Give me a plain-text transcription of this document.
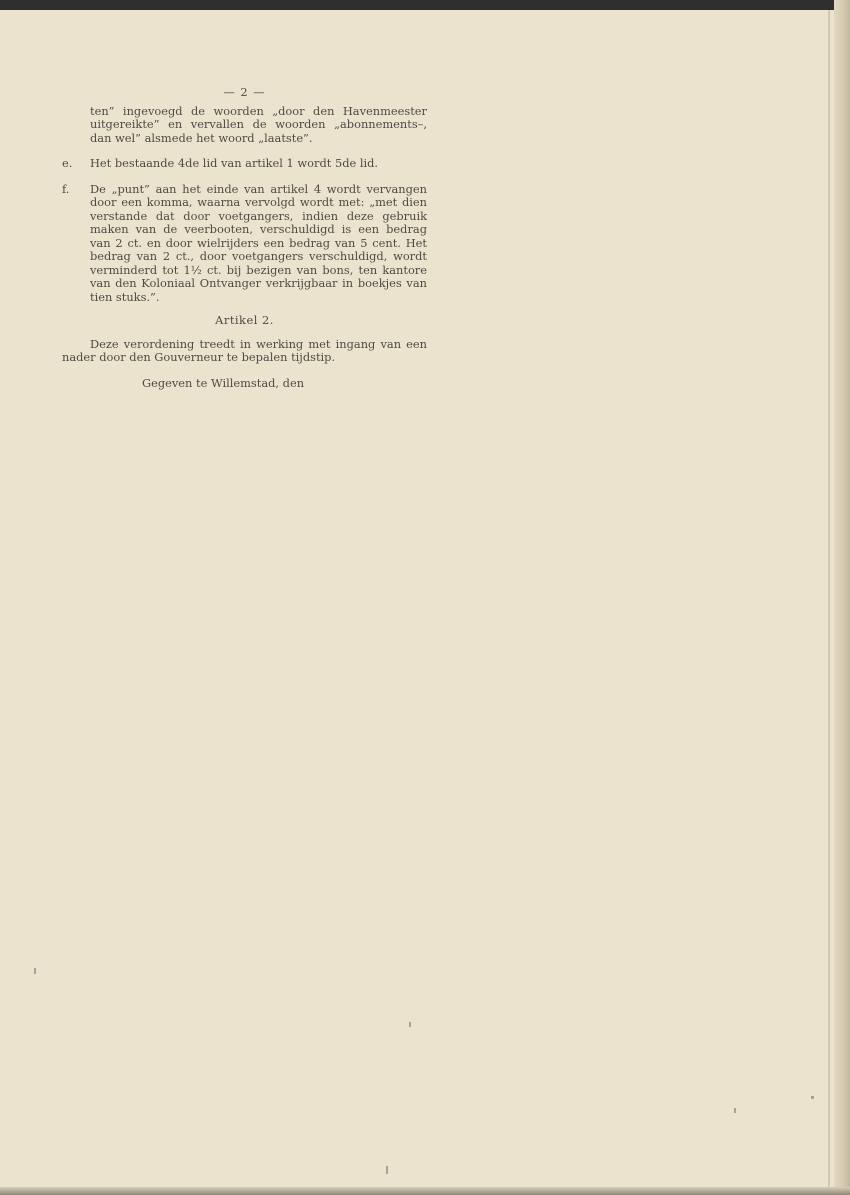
— 2 —
ten” ingevoegd de woorden „door den Havenmeester uitgereikte” en vervallen de woorden „abonnements–, dan wel” alsmede het woord „laatste”.
e.	Het bestaande 4de lid van artikel 1 wordt 5de lid.
f.	De „punt” aan het einde van artikel 4 wordt vervangen door een komma, waarna vervolgd wordt met: „met dien verstande dat door voetgangers, indien deze gebruik maken van de veerbooten, verschuldigd is een bedrag van 2 ct. en door wielrijders een bedrag van 5 cent. Het bedrag van 2 ct., door voetgangers verschuldigd, wordt verminderd tot 1½ ct. bij bezigen van bons, ten kantore van den Koloniaal Ontvanger verkrijgbaar in boekjes van tien stuks.”.
Artikel 2.
Deze verordening treedt in werking met ingang van een nader door den Gouverneur te bepalen tijdstip.
Gegeven te Willemstad, den
